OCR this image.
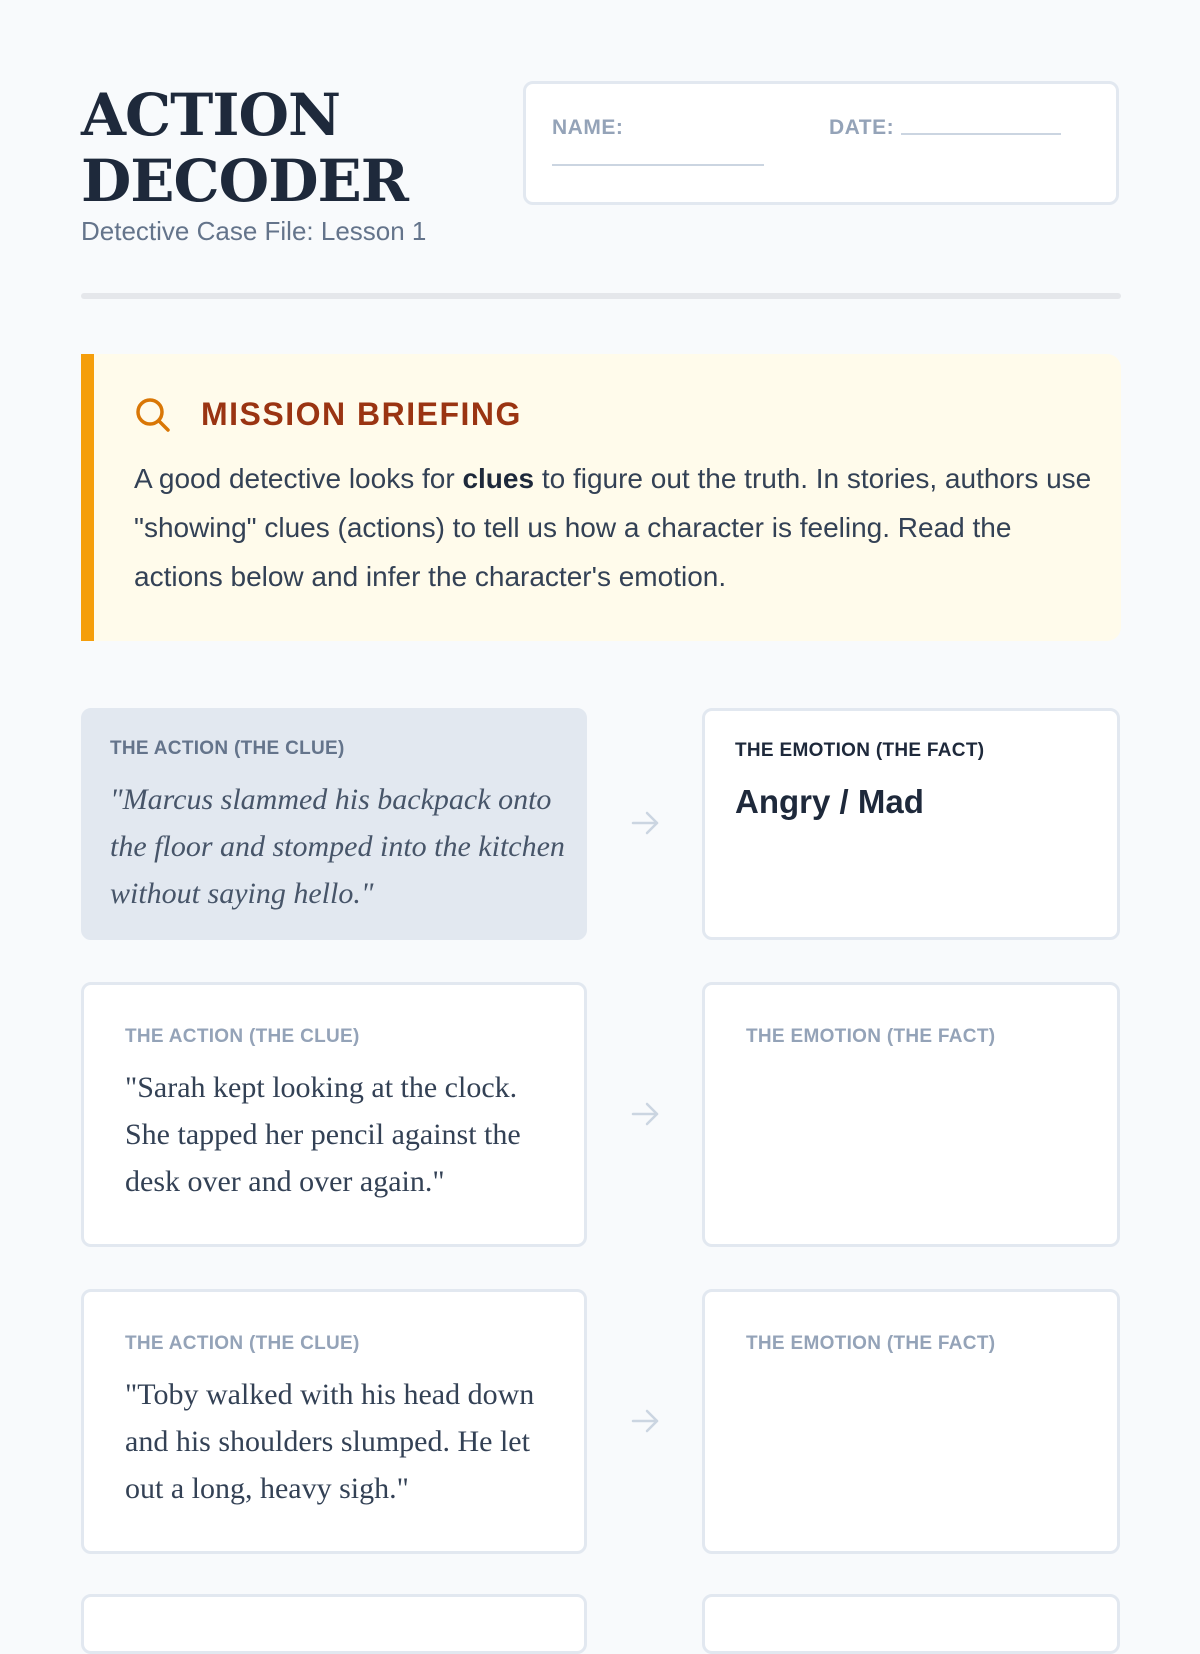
ACTION
DECODER

Detective Case File: Lesson 1

NAME:	DATE:
MISSION BRIEFING

A good detective looks for clues to figure out the truth. In stories, authors use "showing" clues (actions) to tell us how a character is feeling. Read the actions below and infer the character's emotion.

THE ACTION (THE CLUE)

"Marcus slammed his backpack onto the floor and stomped into the kitchen without saying hello."

THE EMOTION (THE FACT)
Angry / Mad
THE ACTION (THE CLUE)

"Sarah kept looking at the clock. She tapped her pencil against the desk over and over again."

THE EMOTION (THE FACT)
THE ACTION (THE CLUE)

"Toby walked with his head down and his shoulders slumped. He let out a long, heavy sigh."

THE EMOTION (THE FACT)
